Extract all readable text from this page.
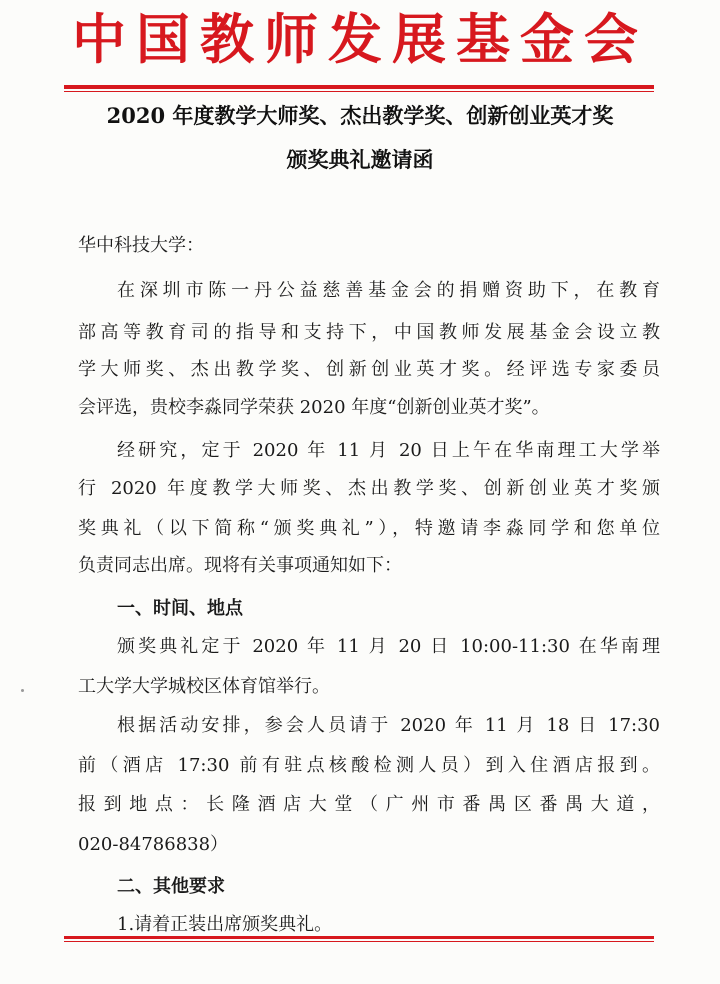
中国教师发展基金会
2020 年度教学大师奖、杰出教学奖、创新创业英才奖
颁奖典礼邀请函
华中科技大学：
在深圳市陈一丹公益慈善基金会的捐赠资助下，在教育
部高等教育司的指导和支持下，中国教师发展基金会设立教
学大师奖、杰出教学奖、创新创业英才奖。经评选专家委员
会评选，贵校李淼同学荣获 2020 年度“创新创业英才奖”。
经研究，定于 2020 年 11 月 20 日上午在华南理工大学举
行 2020 年度教学大师奖、杰出教学奖、创新创业英才奖颁
奖典礼（以下简称“颁奖典礼”），特邀请李淼同学和您单位
负责同志出席。现将有关事项通知如下：
一、时间、地点
颁奖典礼定于 2020 年 11 月 20 日 10:00-11:30 在华南理
工大学大学城校区体育馆举行。
根据活动安排，参会人员请于 2020 年 11 月 18 日 17:30
前（酒店 17:30 前有驻点核酸检测人员）到入住酒店报到。
报到地点：长隆酒店大堂（广州市番禺区番禺大道，
020-84786838）
二、其他要求
1.请着正装出席颁奖典礼。
